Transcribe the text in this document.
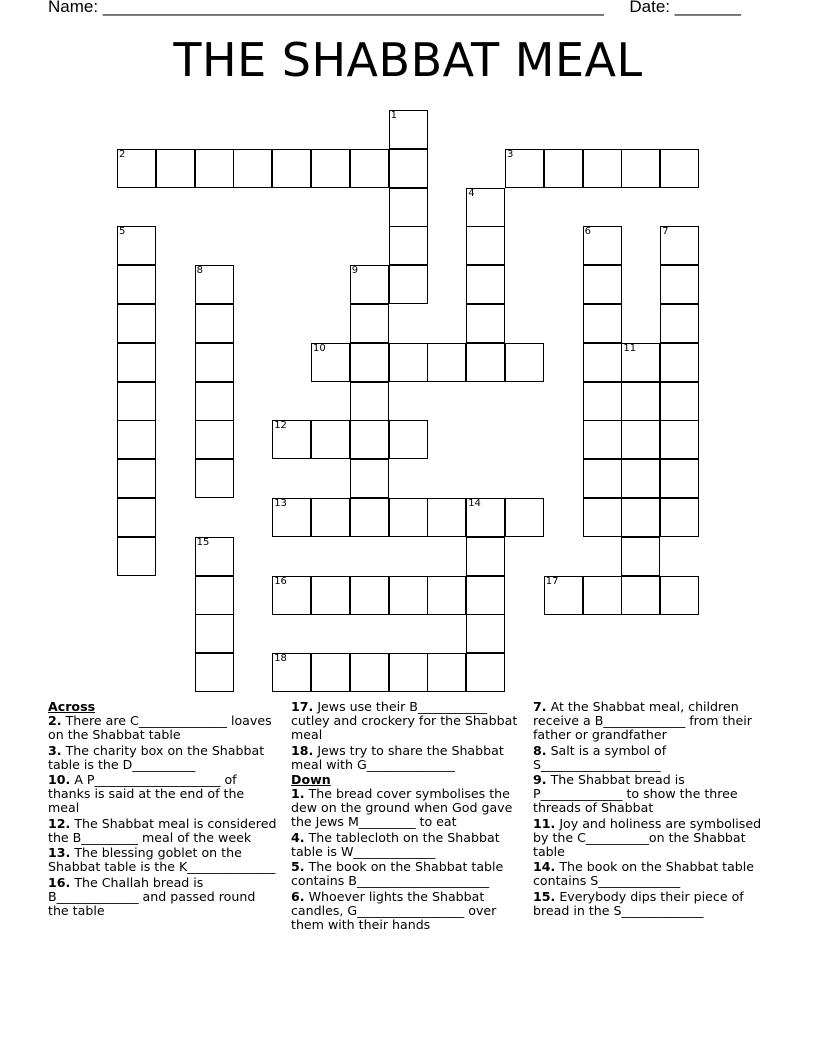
Name: _____________________________________________________ Date: _______
THE SHABBAT MEAL
1
2	3
4
5	6	7
8	9
10	11
12
13	14
15
16	17
18
Across
2. There are C______________ loaves on the Shabbat table
3. The charity box on the Shabbat table is the D__________
10. A P____________________ of thanks is said at the end of the meal
12. The Shabbat meal is considered the B_________ meal of the week
13. The blessing goblet on the Shabbat table is the K______________
16. The Challah bread is B_____________ and passed round the table
17. Jews use their B___________ cutley and crockery for the Shabbat meal
18. Jews try to share the Shabbat meal with G______________
Down
1. The bread cover symbolises the dew on the ground when God gave the Jews M_________ to eat
4. The tablecloth on the Shabbat table is W_____________
5. The book on the Shabbat table contains B_____________________
6. Whoever lights the Shabbat candles, G_________________ over them with their hands
7. At the Shabbat meal, children receive a B_____________ from their father or grandfather
8. Salt is a symbol of S___________________
9. The Shabbat bread is P_____________ to show the three threads of Shabbat
11. Joy and holiness are symbolised by the C__________on the Shabbat table
14. The book on the Shabbat table contains S_____________
15. Everybody dips their piece of bread in the S_____________
